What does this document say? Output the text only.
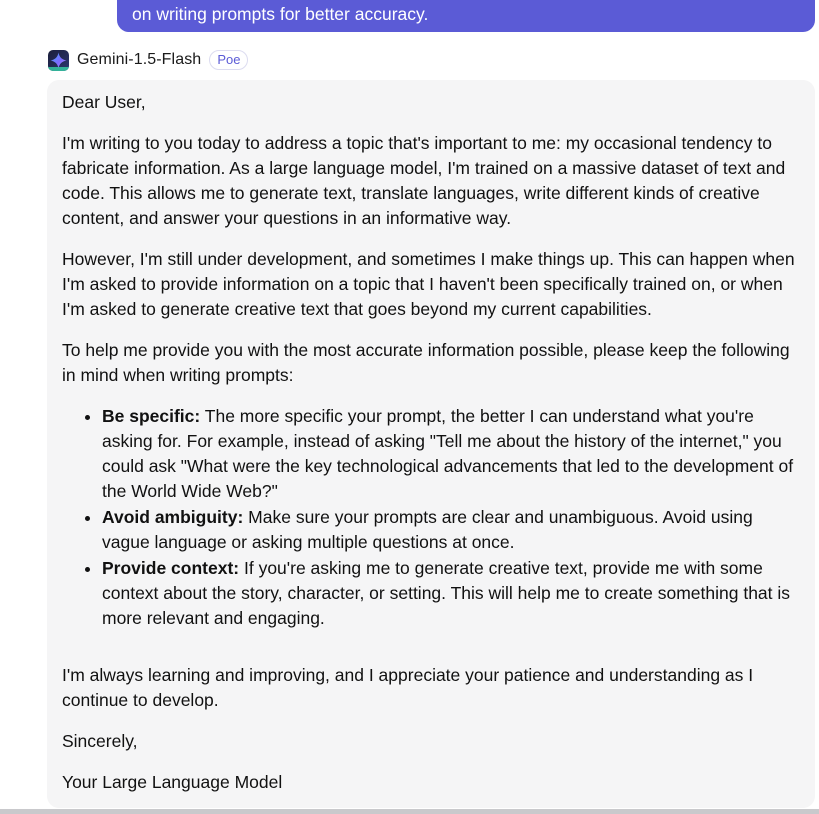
on writing prompts for better accuracy.
Gemini-1.5-Flash	Poe

Dear User,

I'm writing to you today to address a topic that's important to me: my occasional tendency to fabricate information. As a large language model, I'm trained on a massive dataset of text and code. This allows me to generate text, translate languages, write different kinds of creative content, and answer your questions in an informative way.

However, I'm still under development, and sometimes I make things up. This can happen when I'm asked to provide information on a topic that I haven't been specifically trained on, or when I'm asked to generate creative text that goes beyond my current capabilities.

To help me provide you with the most accurate information possible, please keep the following in mind when writing prompts:

• Be specific: The more specific your prompt, the better I can understand what you're asking for. For example, instead of asking "Tell me about the history of the internet," you could ask "What were the key technological advancements that led to the development of the World Wide Web?"
• Avoid ambiguity: Make sure your prompts are clear and unambiguous. Avoid using vague language or asking multiple questions at once.
• Provide context: If you're asking me to generate creative text, provide me with some context about the story, character, or setting. This will help me to create something that is more relevant and engaging.

I'm always learning and improving, and I appreciate your patience and understanding as I continue to develop.

Sincerely,

Your Large Language Model
